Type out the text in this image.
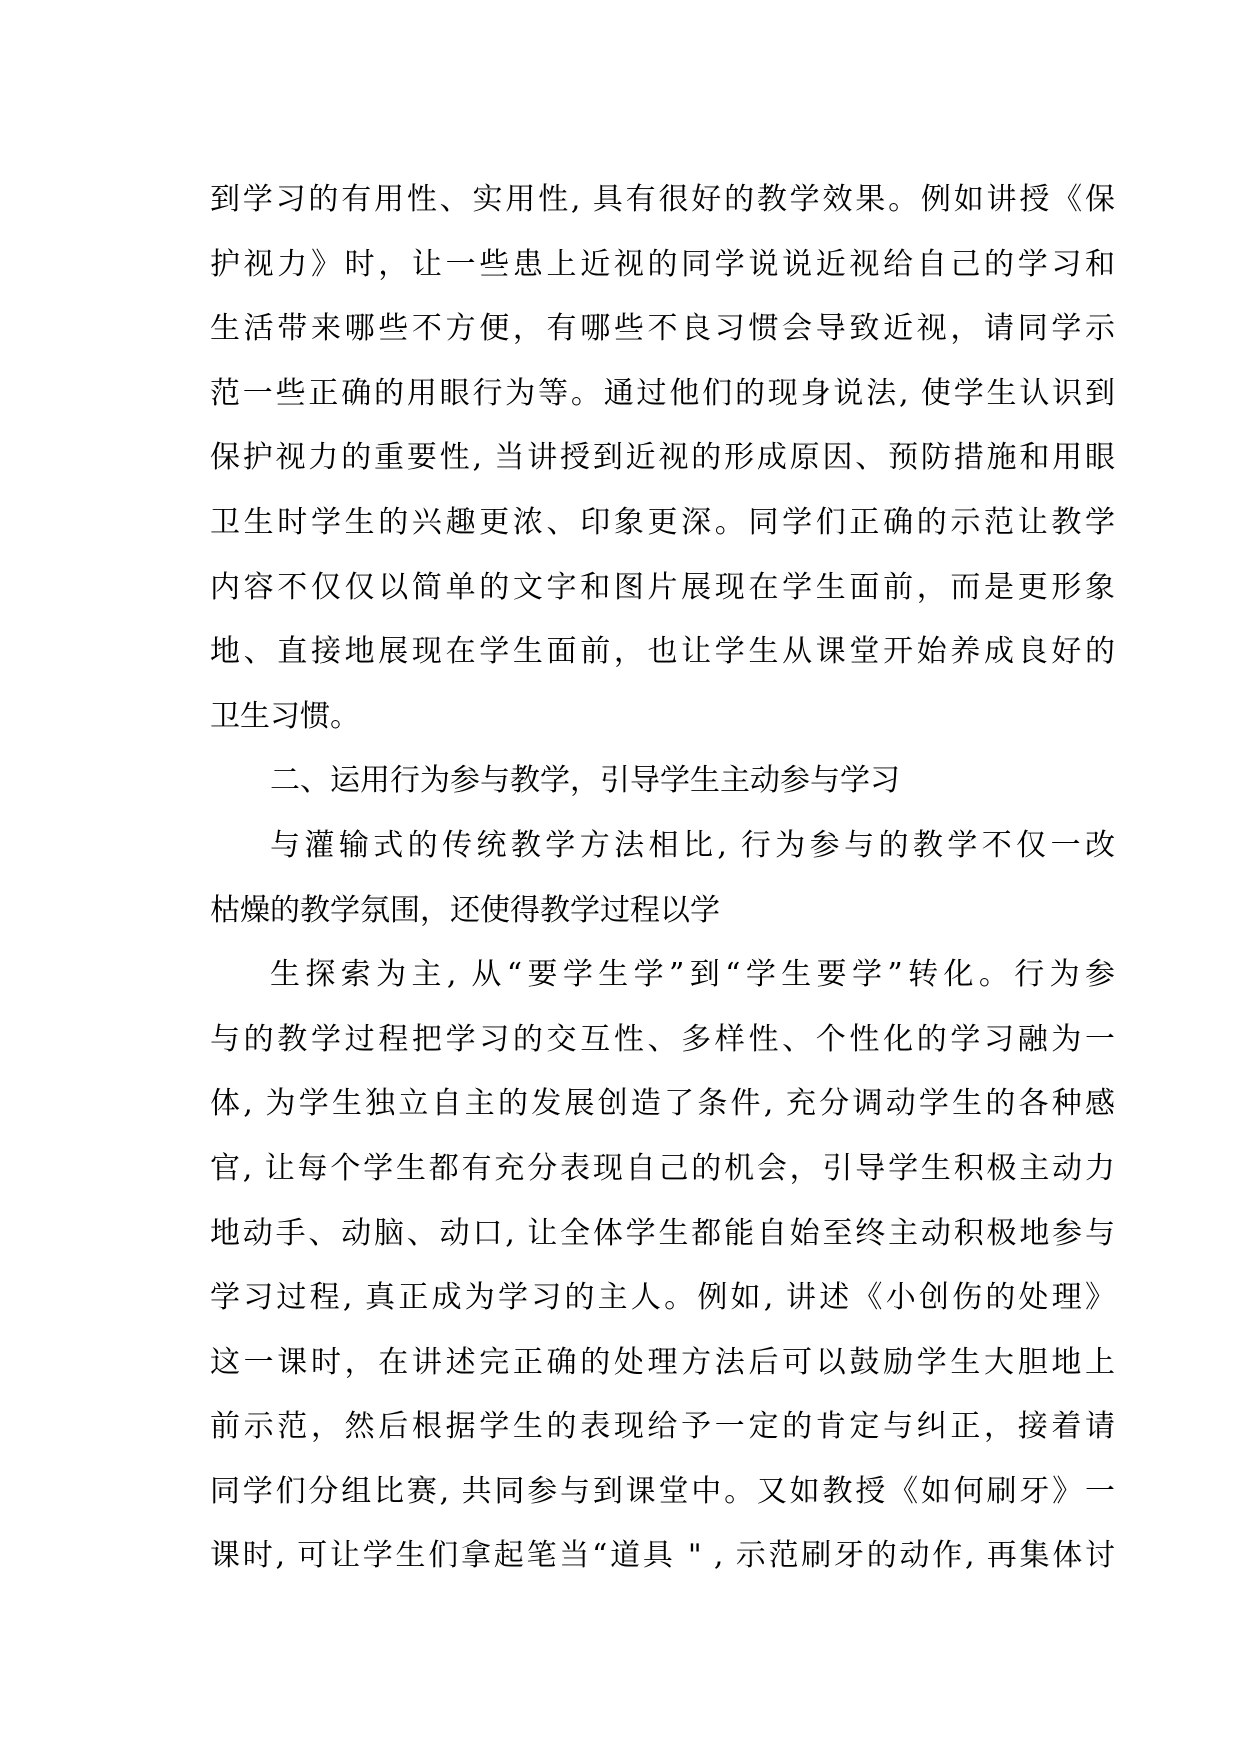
到学习的有用性、实用性, 具有很好的教学效果。例如讲授《保
护视力》时，让一些患上近视的同学说说近视给自己的学习和
生活带来哪些不方便，有哪些不良习惯会导致近视，请同学示
范一些正确的用眼行为等。通过他们的现身说法, 使学生认识到
保护视力的重要性, 当讲授到近视的形成原因、预防措施和用眼
卫生时学生的兴趣更浓、印象更深。同学们正确的示范让教学
内容不仅仅以简单的文字和图片展现在学生面前，而是更形象
地、直接地展现在学生面前，也让学生从课堂开始养成良好的
卫生习惯。
二、运用行为参与教学，引导学生主动参与学习
与灌输式的传统教学方法相比, 行为参与的教学不仅一改
枯燥的教学氛围，还使得教学过程以学
生探索为主, 从“要学生学”到“学生要学”转化。行为参
与的教学过程把学习的交互性、多样性、个性化的学习融为一
体, 为学生独立自主的发展创造了条件, 充分调动学生的各种感
官, 让每个学生都有充分表现自己的机会，引导学生积极主动力
地动手、动脑、动口, 让全体学生都能自始至终主动积极地参与
学习过程, 真正成为学习的主人。例如, 讲述《小创伤的处理》
这一课时，在讲述完正确的处理方法后可以鼓励学生大胆地上
前示范，然后根据学生的表现给予一定的肯定与纠正，接着请
同学们分组比赛, 共同参与到课堂中。又如教授《如何刷牙》一
课时, 可让学生们拿起笔当“道具 " , 示范刷牙的动作, 再集体讨
